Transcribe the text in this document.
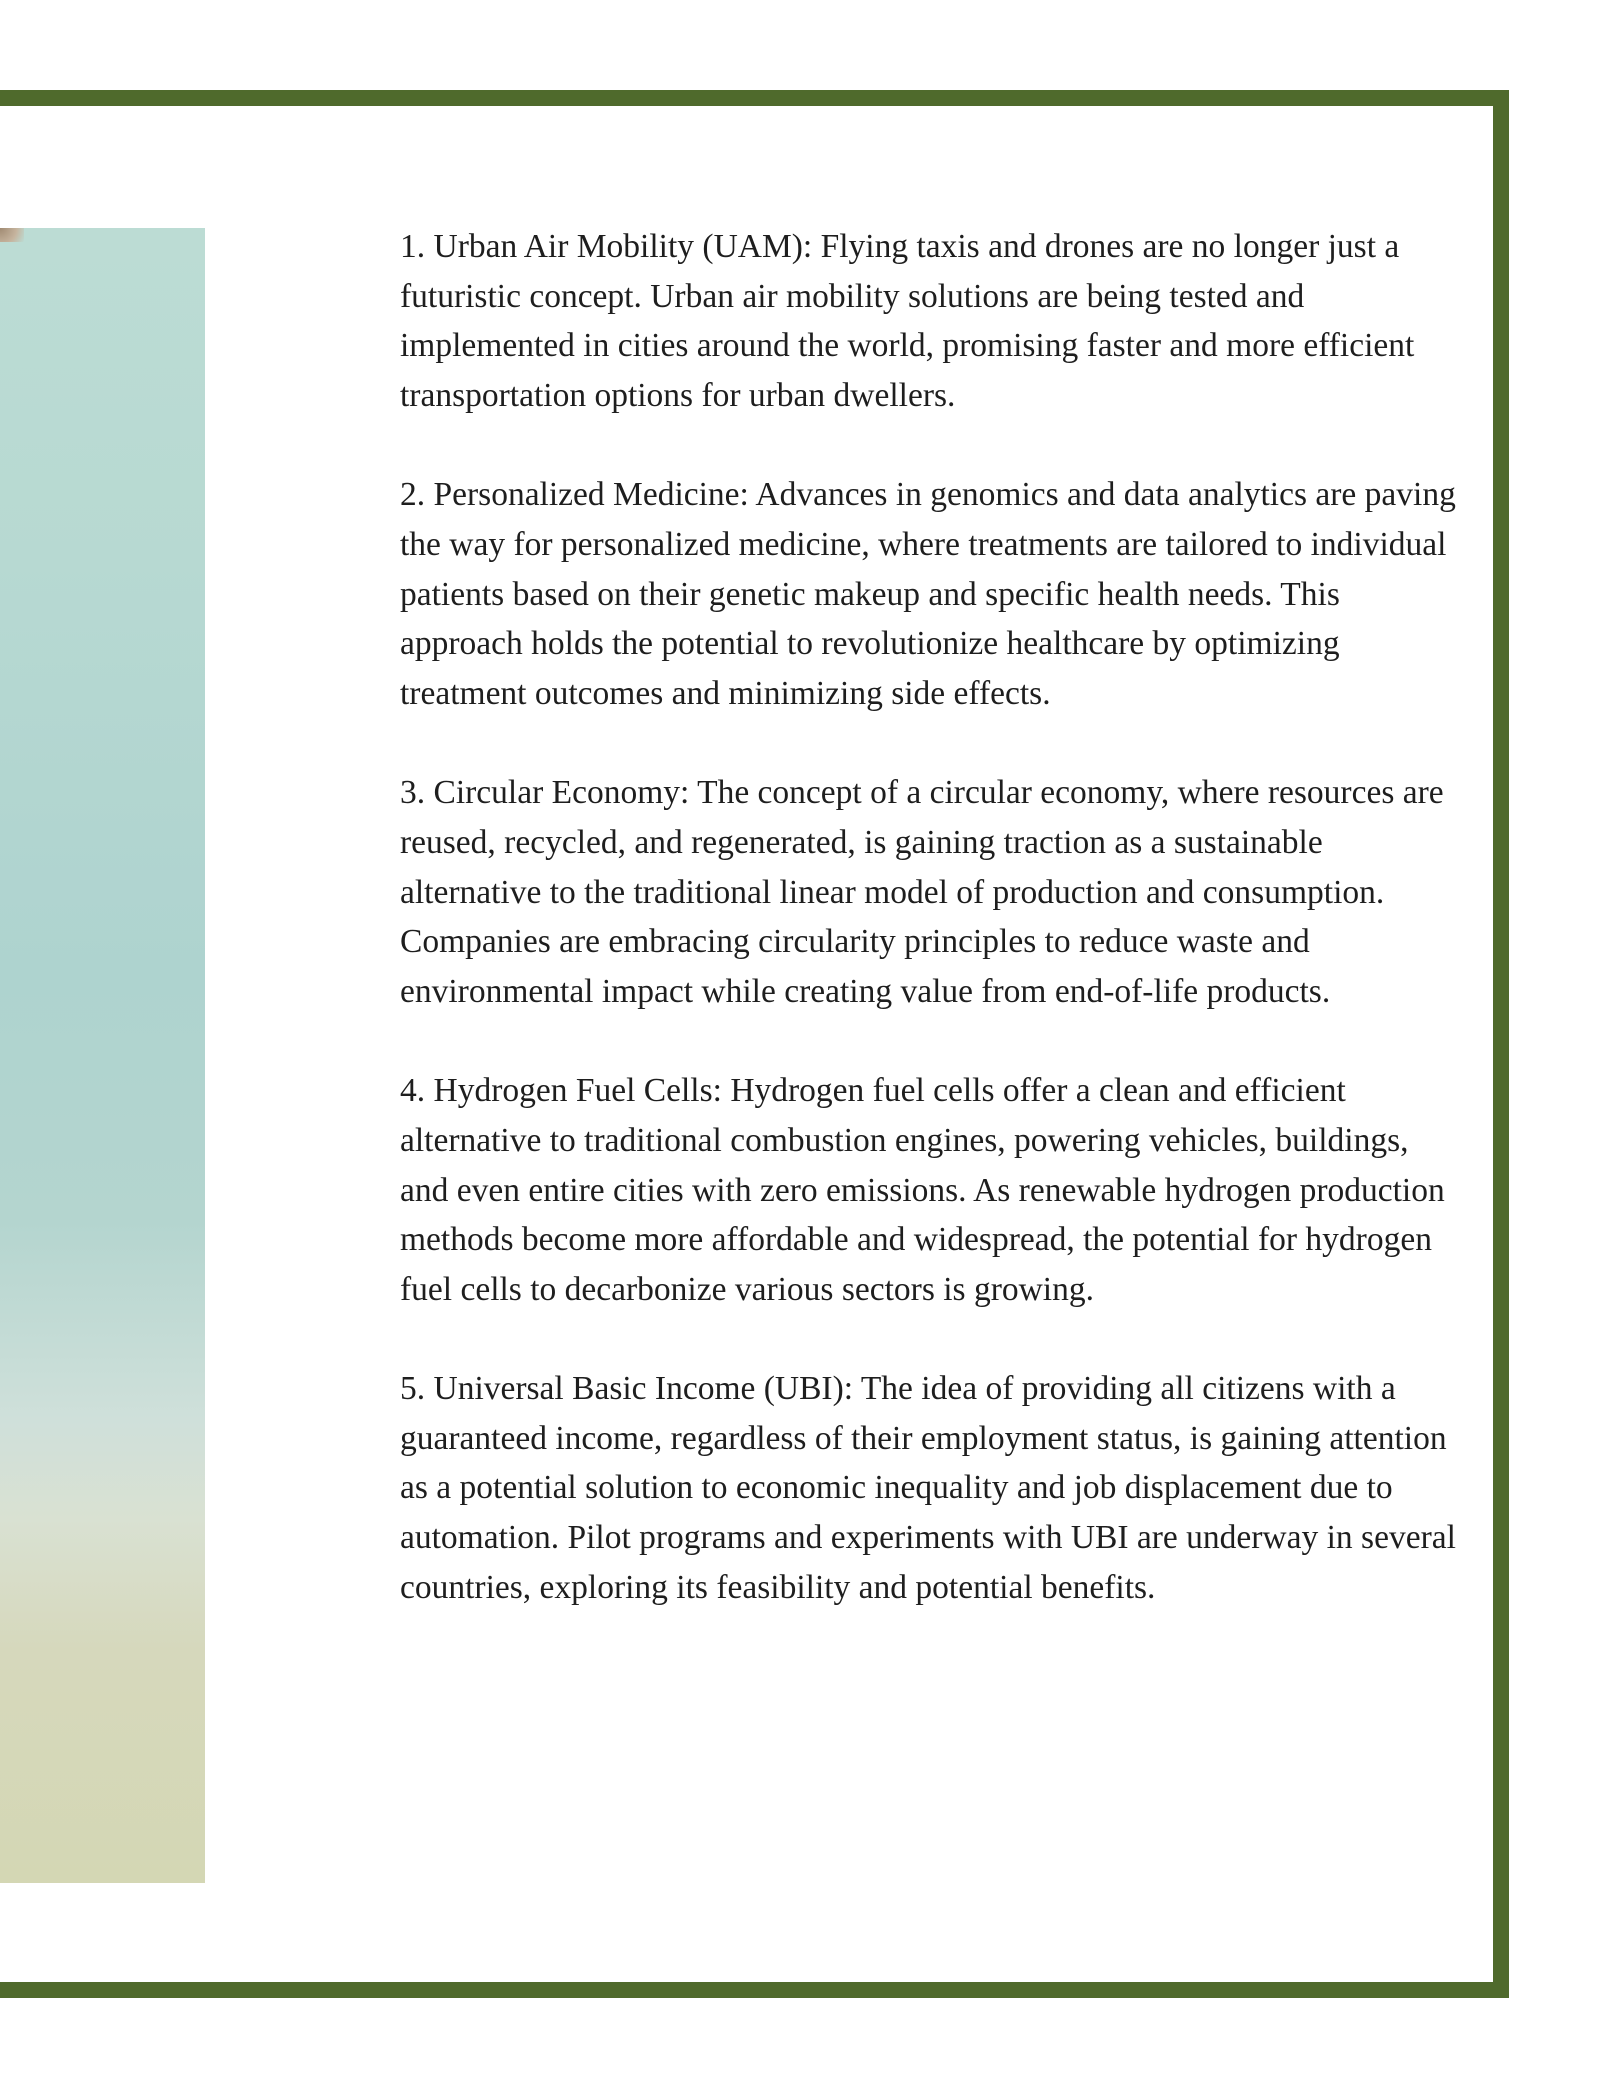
1. Urban Air Mobility (UAM): Flying taxis and drones are no longer just a futuristic concept. Urban air mobility solutions are being tested and implemented in cities around the world, promising faster and more efficient transportation options for urban dwellers.

2. Personalized Medicine: Advances in genomics and data analytics are paving the way for personalized medicine, where treatments are tailored to individual patients based on their genetic makeup and specific health needs. This approach holds the potential to revolutionize healthcare by optimizing treatment outcomes and minimizing side effects.

3. Circular Economy: The concept of a circular economy, where resources are reused, recycled, and regenerated, is gaining traction as a sustainable alternative to the traditional linear model of production and consumption. Companies are embracing circularity principles to reduce waste and environmental impact while creating value from end-of-life products.

4. Hydrogen Fuel Cells: Hydrogen fuel cells offer a clean and efficient alternative to traditional combustion engines, powering vehicles, buildings, and even entire cities with zero emissions. As renewable hydrogen production methods become more affordable and widespread, the potential for hydrogen fuel cells to decarbonize various sectors is growing.

5. Universal Basic Income (UBI): The idea of providing all citizens with a guaranteed income, regardless of their employment status, is gaining attention as a potential solution to economic inequality and job displacement due to automation. Pilot programs and experiments with UBI are underway in several countries, exploring its feasibility and potential benefits.
